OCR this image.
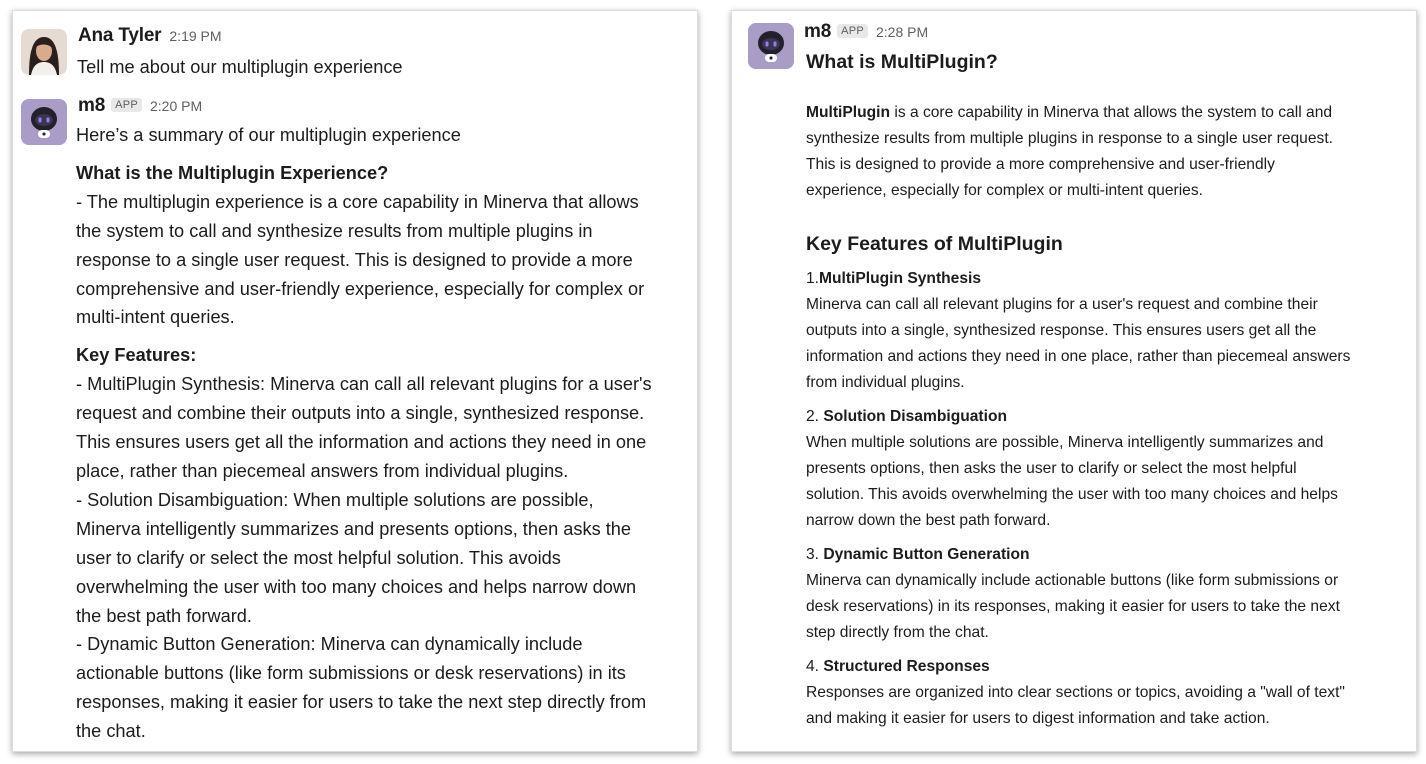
Ana Tyler 2:19 PM
Tell me about our multiplugin experience
m8 APP 2:20 PM

Here’s a summary of our multiplugin experience

What is the Multiplugin Experience?

- The multiplugin experience is a core capability in Minerva that allows

the system to call and synthesize results from multiple plugins in

response to a single user request. This is designed to provide a more

comprehensive and user-friendly experience, especially for complex or

multi-intent queries.

Key Features:

- MultiPlugin Synthesis: Minerva can call all relevant plugins for a user's

request and combine their outputs into a single, synthesized response.

This ensures users get all the information and actions they need in one

place, rather than piecemeal answers from individual plugins.

- Solution Disambiguation: When multiple solutions are possible,

Minerva intelligently summarizes and presents options, then asks the

user to clarify or select the most helpful solution. This avoids

overwhelming the user with too many choices and helps narrow down

the best path forward.

- Dynamic Button Generation: Minerva can dynamically include

actionable buttons (like form submissions or desk reservations) in its

responses, making it easier for users to take the next step directly from

the chat.

m8 APP 2:28 PM

What is MultiPlugin?

MultiPlugin is a core capability in Minerva that allows the system to call and

synthesize results from multiple plugins in response to a single user request.

This is designed to provide a more comprehensive and user-friendly

experience, especially for complex or multi-intent queries.

Key Features of MultiPlugin

1.MultiPlugin Synthesis

Minerva can call all relevant plugins for a user's request and combine their

outputs into a single, synthesized response. This ensures users get all the

information and actions they need in one place, rather than piecemeal answers

from individual plugins.

2. Solution Disambiguation

When multiple solutions are possible, Minerva intelligently summarizes and

presents options, then asks the user to clarify or select the most helpful

solution. This avoids overwhelming the user with too many choices and helps

narrow down the best path forward.

3. Dynamic Button Generation

Minerva can dynamically include actionable buttons (like form submissions or

desk reservations) in its responses, making it easier for users to take the next

step directly from the chat.

4. Structured Responses

Responses are organized into clear sections or topics, avoiding a "wall of text"

and making it easier for users to digest information and take action.
